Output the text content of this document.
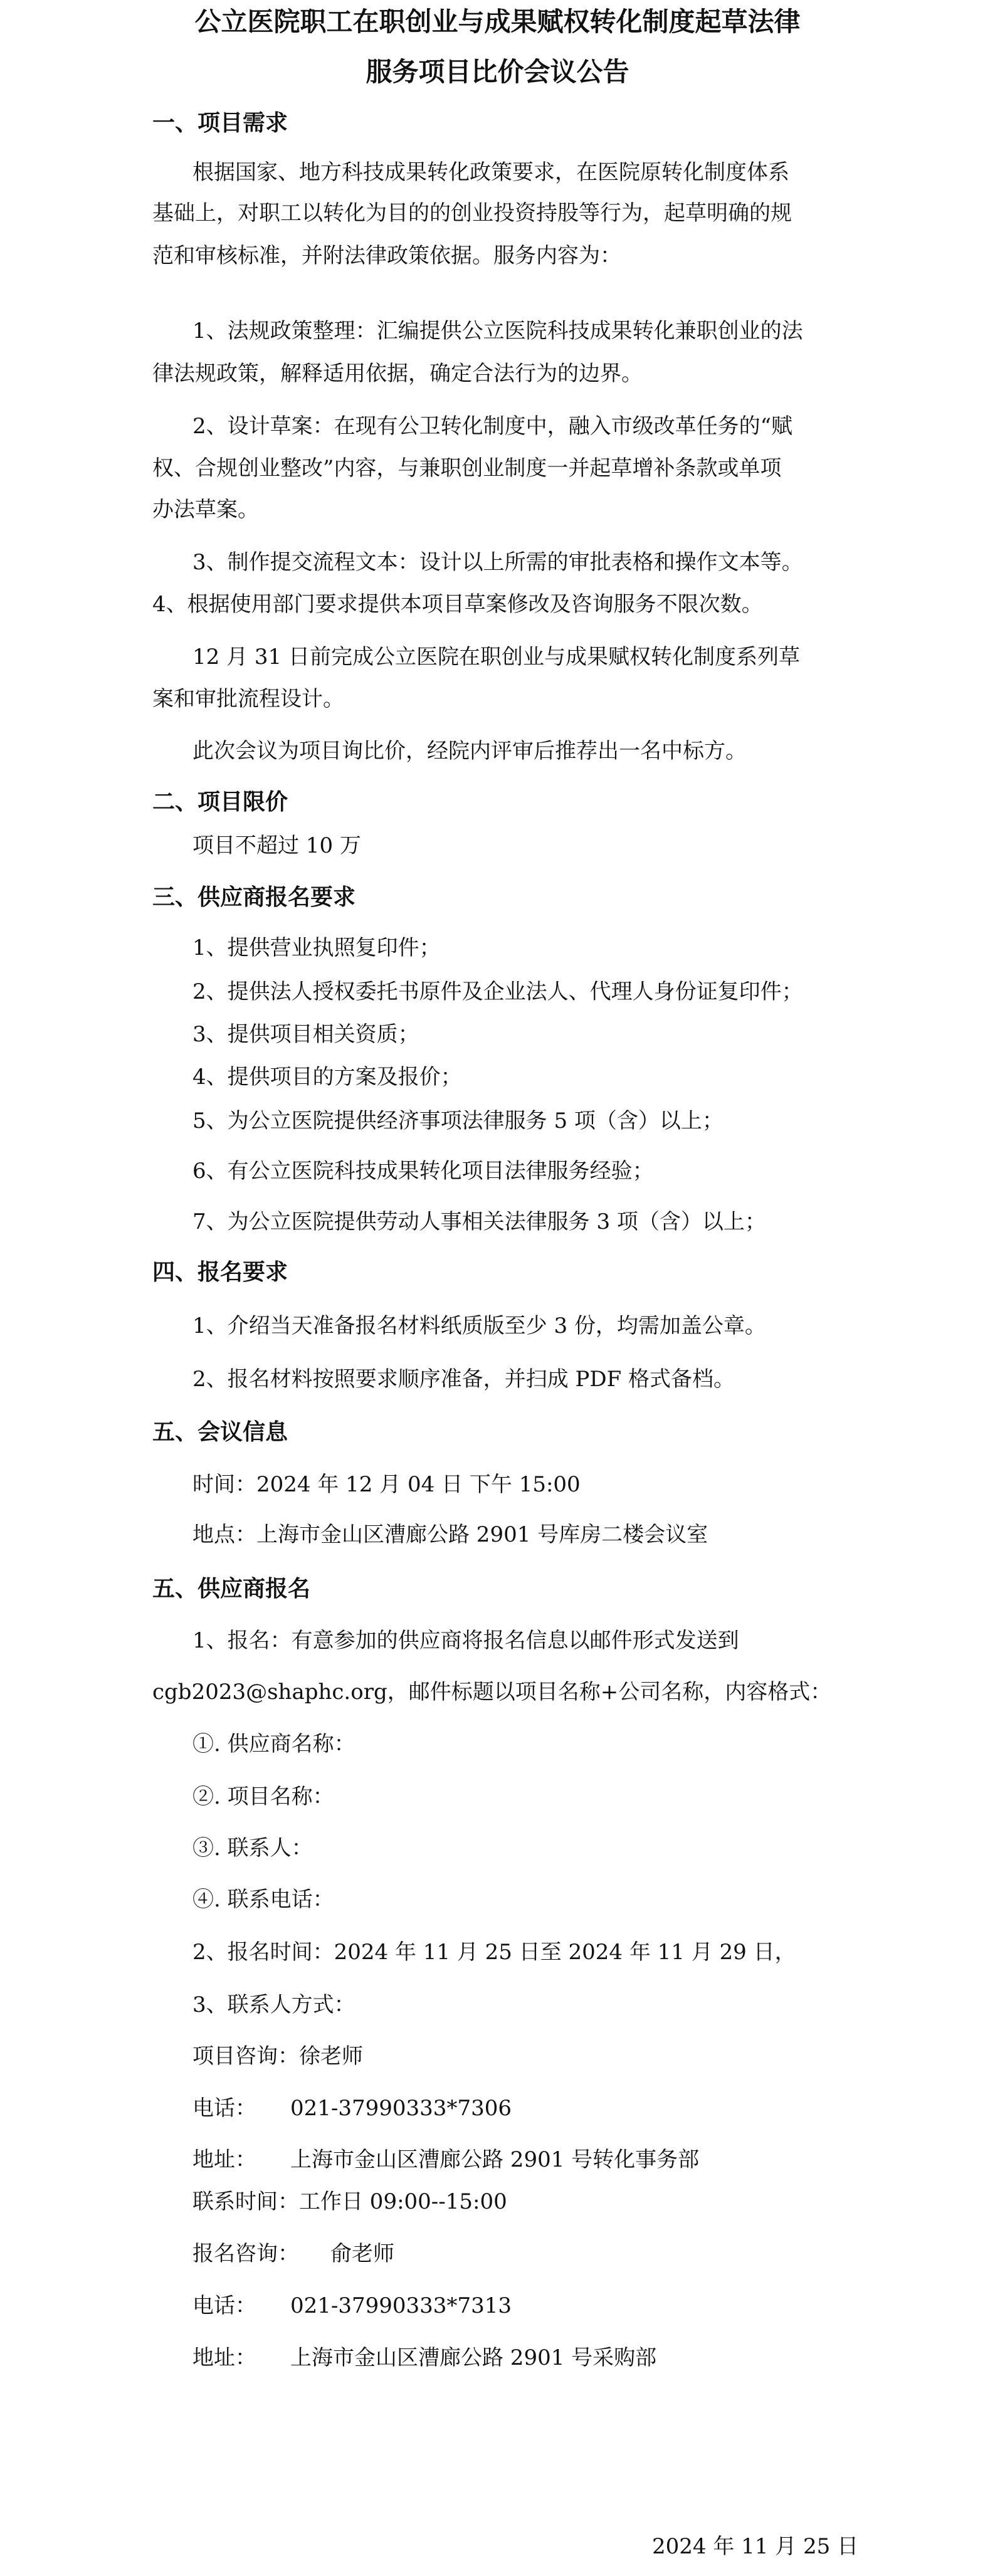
公立医院职工在职创业与成果赋权转化制度起草法律
服务项目比价会议公告
一、项目需求
根据国家、地方科技成果转化政策要求，在医院原转化制度体系
基础上，对职工以转化为目的的创业投资持股等行为，起草明确的规
范和审核标准，并附法律政策依据。服务内容为：
1、法规政策整理：汇编提供公立医院科技成果转化兼职创业的法
律法规政策，解释适用依据，确定合法行为的边界。
2、设计草案：在现有公卫转化制度中，融入市级改革任务的“赋
权、合规创业整改”内容，与兼职创业制度一并起草增补条款或单项
办法草案。
3、制作提交流程文本：设计以上所需的审批表格和操作文本等。
4、根据使用部门要求提供本项目草案修改及咨询服务不限次数。
12 月 31 日前完成公立医院在职创业与成果赋权转化制度系列草
案和审批流程设计。
此次会议为项目询比价，经院内评审后推荐出一名中标方。
二、项目限价
项目不超过 10 万
三、供应商报名要求
1、提供营业执照复印件；
2、提供法人授权委托书原件及企业法人、代理人身份证复印件；
3、提供项目相关资质；
4、提供项目的方案及报价；
5、为公立医院提供经济事项法律服务 5 项（含）以上；
6、有公立医院科技成果转化项目法律服务经验；
7、为公立医院提供劳动人事相关法律服务 3 项（含）以上；
四、报名要求
1、介绍当天准备报名材料纸质版至少 3 份，均需加盖公章。
2、报名材料按照要求顺序准备，并扫成 PDF 格式备档。
五、会议信息
时间：2024 年 12 月 04 日 下午 15:00
地点：上海市金山区漕廊公路 2901 号库房二楼会议室
五、供应商报名
1、报名：有意参加的供应商将报名信息以邮件形式发送到
cgb2023@shaphc.org，邮件标题以项目名称+公司名称，内容格式：
①. 供应商名称：
②. 项目名称：
③. 联系人：
④. 联系电话：
2、报名时间：2024 年 11 月 25 日至 2024 年 11 月 29 日，
3、联系人方式：
项目咨询：徐老师
电话： 021-37990333*7306
地址： 上海市金山区漕廊公路 2901 号转化事务部
联系时间：工作日 09:00--15:00
报名咨询： 俞老师
电话： 021-37990333*7313
地址： 上海市金山区漕廊公路 2901 号采购部
2024 年 11 月 25 日
